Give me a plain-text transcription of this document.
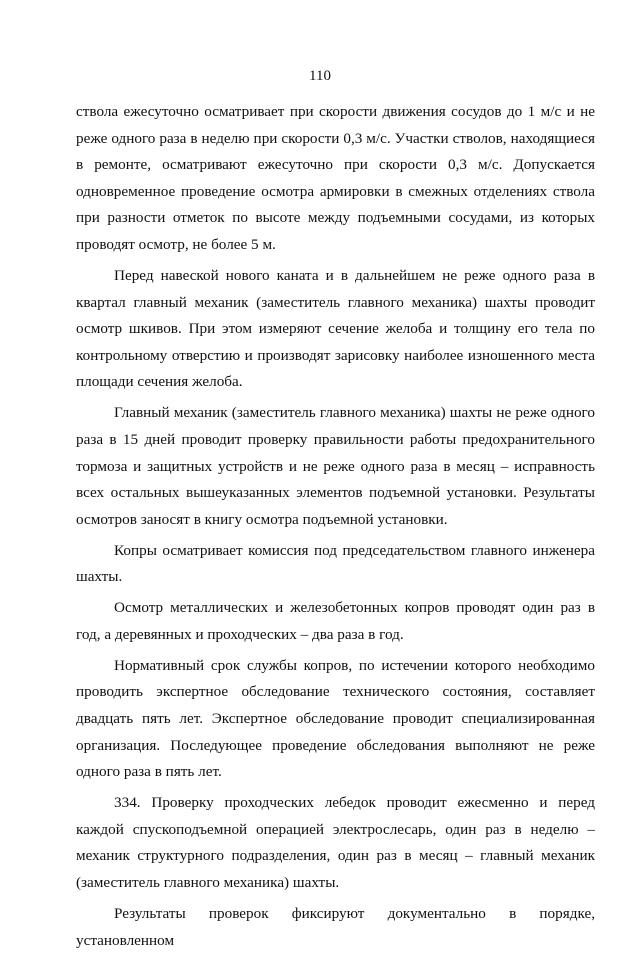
110

ствола ежесуточно осматривает при скорости движения сосудов до 1 м/с и не реже одного раза в неделю при скорости 0,3 м/с. Участки стволов, находящиеся в ремонте, осматривают ежесуточно при скорости 0,3 м/с. Допускается одновременное проведение осмотра армировки в смежных отделениях ствола при разности отметок по высоте между подъемными сосудами, из которых проводят осмотр, не более 5 м.

Перед навеской нового каната и в дальнейшем не реже одного раза в квартал главный механик (заместитель главного механика) шахты проводит осмотр шкивов. При этом измеряют сечение желоба и толщину его тела по контрольному отверстию и производят зарисовку наиболее изношенного места площади сечения желоба.

Главный механик (заместитель главного механика) шахты не реже одного раза в 15 дней проводит проверку правильности работы предохранительного тормоза и защитных устройств и не реже одного раза в месяц – исправность всех остальных вышеуказанных элементов подъемной установки. Результаты осмотров заносят в книгу осмотра подъемной установки.

Копры осматривает комиссия под председательством главного инженера шахты.

Осмотр металлических и железобетонных копров проводят один раз в год, а деревянных и проходческих – два раза в год.

Нормативный срок службы копров, по истечении которого необходимо проводить экспертное обследование технического состояния, составляет двадцать пять лет. Экспертное обследование проводит специализированная организация. Последующее проведение обследования выполняют не реже одного раза в пять лет.

334. Проверку проходческих лебедок проводит ежесменно и перед каждой спускоподъемной операцией электрослесарь, один раз в неделю – механик структурного подразделения, один раз в месяц – главный механик (заместитель главного механика) шахты.

Результаты проверок фиксируют документально в порядке, установленном
